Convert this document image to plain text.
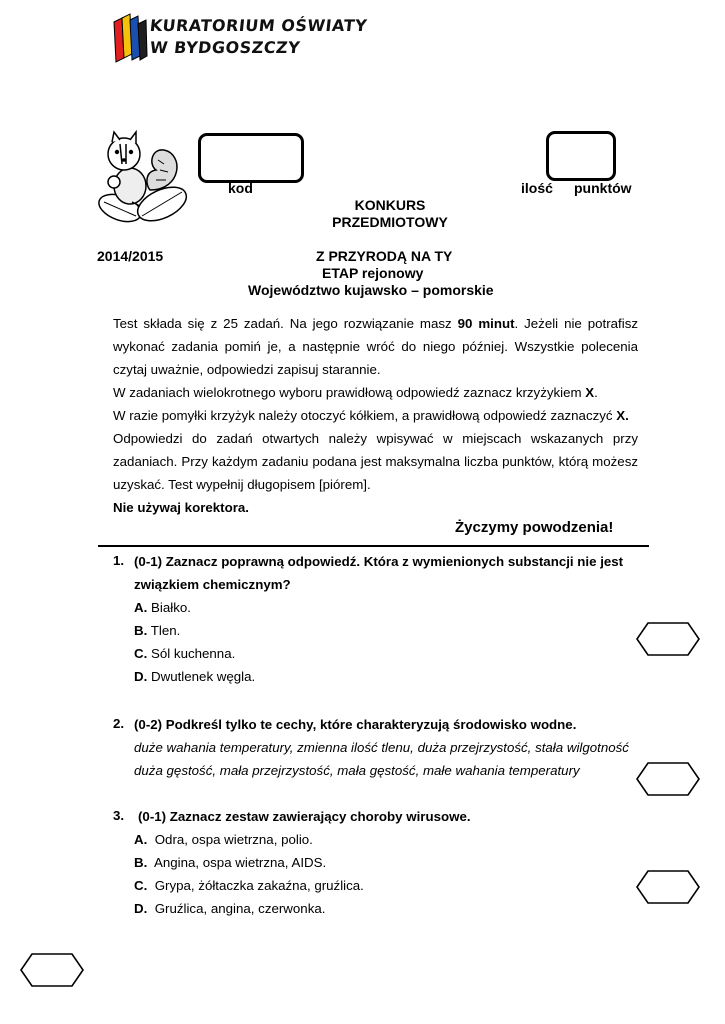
KURATORIUM OŚWIATY
W BYDGOSZCZY
kod	ilość punktów
KONKURS
PRZEDMIOTOWY
2014/2015	Z PRZYRODĄ NA TY
ETAP rejonowy
Województwo kujawsko – pomorskie

Test składa się z 25 zadań. Na jego rozwiązanie masz 90 minut. Jeżeli nie potrafisz wykonać zadania pomiń je, a następnie wróć do niego później. Wszystkie polecenia czytaj uważnie, odpowiedzi zapisuj starannie.

W zadaniach wielokrotnego wyboru prawidłową odpowiedź zaznacz krzyżykiem X.

W razie pomyłki krzyżyk należy otoczyć kółkiem, a prawidłową odpowiedź zaznaczyć X.

Odpowiedzi do zadań otwartych należy wpisywać w miejscach wskazanych przy zadaniach. Przy każdym zadaniu podana jest maksymalna liczba punktów, którą możesz uzyskać. Test wypełnij długopisem [piórem].

Nie używaj korektora.

Życzymy powodzenia!
1. (0-1) Zaznacz poprawną odpowiedź. Która z wymienionych substancji nie jest związkiem chemicznym?
A. Białko.
B. Tlen.
C. Sól kuchenna.
D. Dwutlenek węgla.
2. (0-2) Podkreśl tylko te cechy, które charakteryzują środowisko wodne.
duże wahania temperatury, zmienna ilość tlenu, duża przejrzystość, stała wilgotność
duża gęstość, mała przejrzystość, mała gęstość, małe wahania temperatury
3. (0-1) Zaznacz zestaw zawierający choroby wirusowe.
A. Odra, ospa wietrzna, polio.
B. Angina, ospa wietrzna, AIDS.
C. Grypa, żółtaczka zakaźna, gruźlica.
D. Gruźlica, angina, czerwonka.
